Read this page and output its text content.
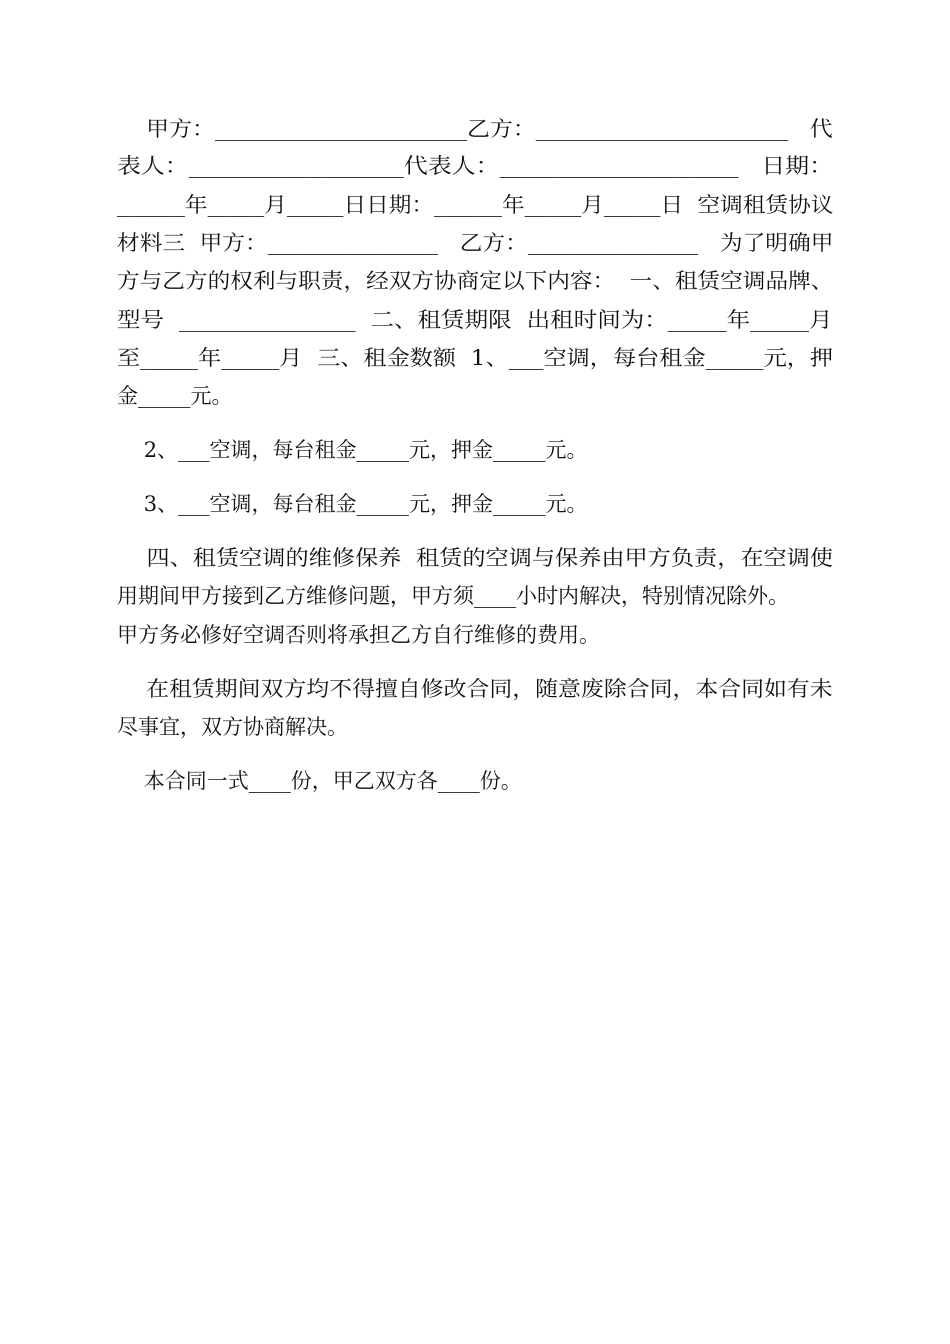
甲方：______________________乙方：______________________   代
表人：__________________代表人：____________________   日期：
______年_____月_____日日期：______年_____月_____日  空调租赁协议
材料三  甲方：_______________   乙方：_______________   为了明确甲
方与乙方的权利与职责，经双方协商定以下内容：  一、租赁空调品牌、
型号  _______________  二、租赁期限  出租时间为：_____年_____月
至_____年_____月  三、租金数额  1、___空调，每台租金_____元，押
金_____元。
2、___空调，每台租金_____元，押金_____元。
3、___空调，每台租金_____元，押金_____元。
四、租赁空调的维修保养  租赁的空调与保养由甲方负责，在空调使
用期间甲方接到乙方维修问题，甲方须____小时内解决，特别情况除外。
甲方务必修好空调否则将承担乙方自行维修的费用。
在租赁期间双方均不得擅自修改合同，随意废除合同，本合同如有未
尽事宜，双方协商解决。
本合同一式____份，甲乙双方各____份。
